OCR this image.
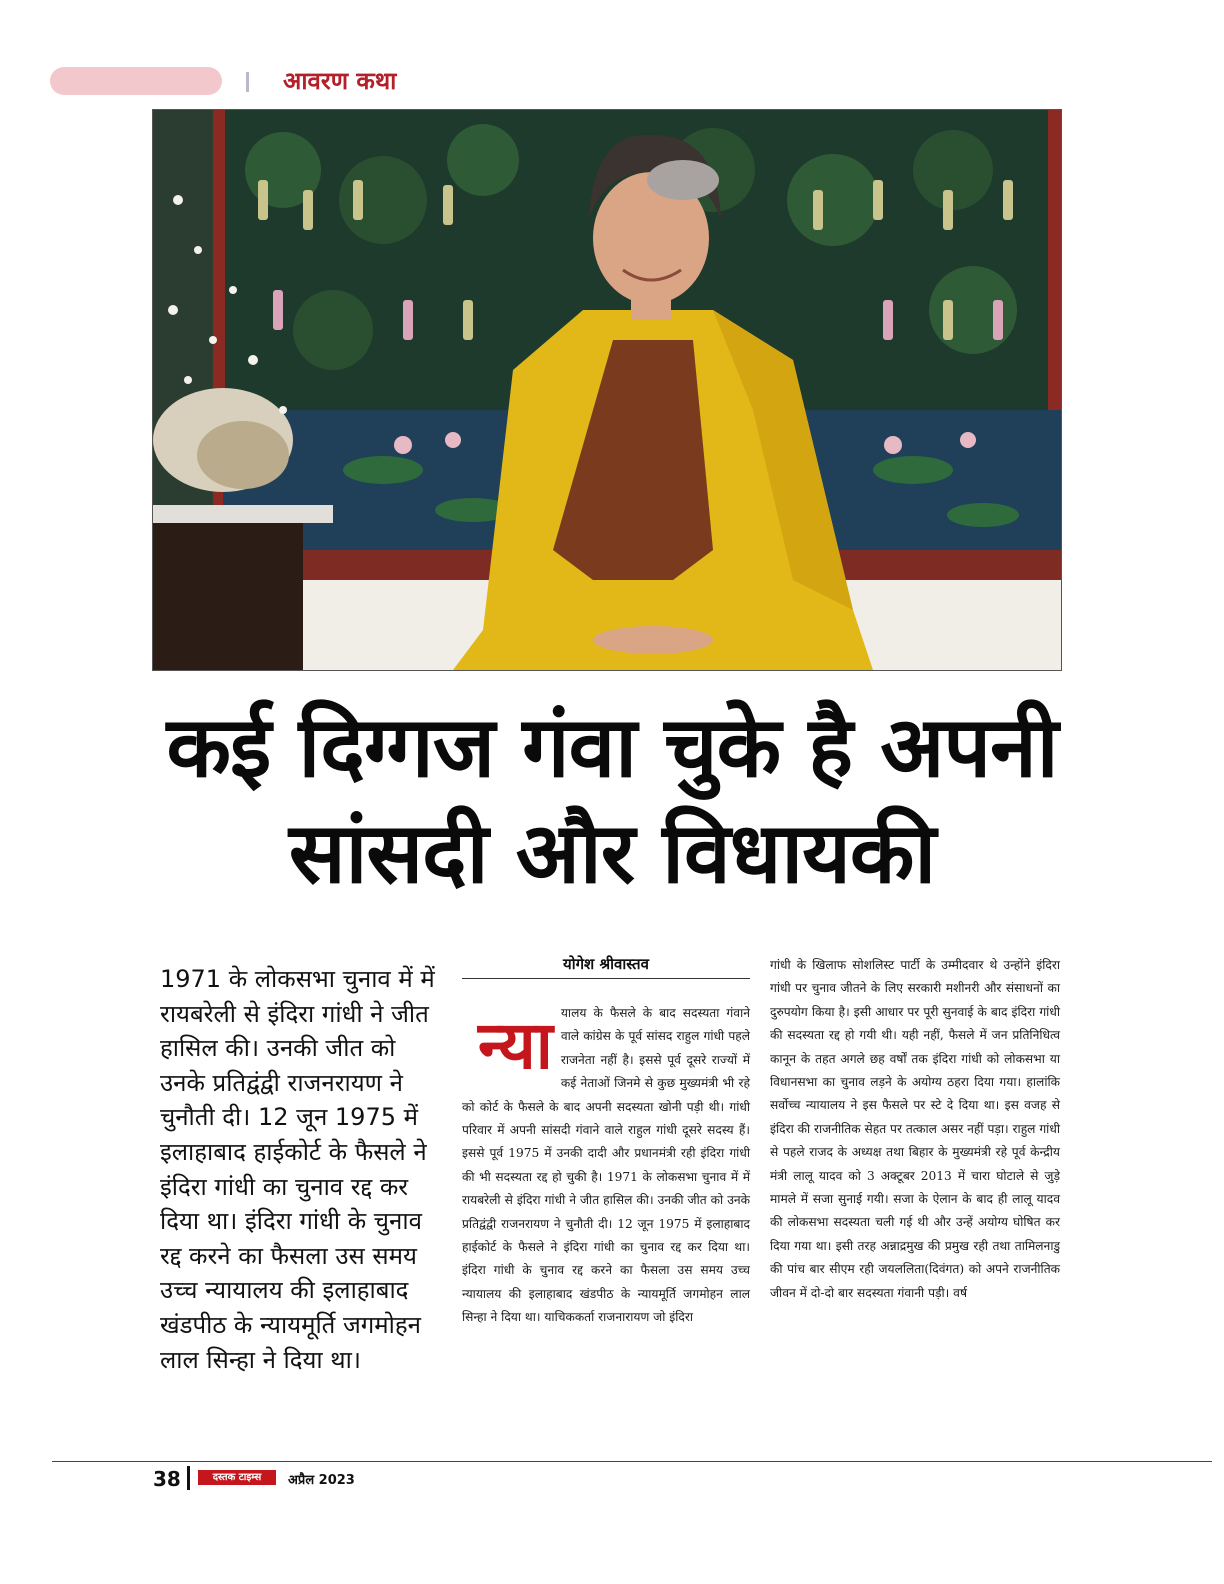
आवरण कथा
कई दिग्गज गंवा चुके है अपनी
सांसदी और विधायकी
1971 के लोकसभा चुनाव में में रायबरेली से इंदिरा गांधी ने जीत हासिल की। उनकी जीत को उनके प्रतिद्वंद्वी राजनरायण ने चुनौती दी। 12 जून 1975 में इलाहाबाद हाईकोर्ट के फैसले ने इंदिरा गांधी का चुनाव रद्द कर दिया था। इंदिरा गांधी के चुनाव रद्द करने का फैसला उस समय उच्च न्यायालय की इलाहाबाद खंडपीठ के न्यायमूर्ति जगमोहन लाल सिन्हा ने दिया था।
योगेश श्रीवास्तव
न्या यालय के फैसले के बाद सदस्यता गंवाने वाले कांग्रेस के पूर्व सांसद राहुल गांधी पहले राजनेता नहीं है। इससे पूर्व दूसरे राज्यों में कई नेताओं जिनमे से कुछ मुख्यमंत्री भी रहे को कोर्ट के फैसले के बाद अपनी सदस्यता खोनी पड़ी थी। गांधी परिवार में अपनी सांसदी गंवाने वाले राहुल गांधी दूसरे सदस्य हैं। इससे पूर्व 1975 में उनकी दादी और प्रधानमंत्री रही इंदिरा गांधी की भी सदस्यता रद्द हो चुकी है। 1971 के लोकसभा चुनाव में में रायबरेली से इंदिरा गांधी ने जीत हासिल की। उनकी जीत को उनके प्रतिद्वंद्वी राजनरायण ने चुनौती दी। 12 जून 1975 में इलाहाबाद हाईकोर्ट के फैसले ने इंदिरा गांधी का चुनाव रद्द कर दिया था। इंदिरा गांधी के चुनाव रद्द करने का फैसला उस समय उच्च न्यायालय की इलाहाबाद खंडपीठ के न्यायमूर्ति जगमोहन लाल सिन्हा ने दिया था। याचिककर्ता राजनारायण जो इंदिरा
गांधी के खिलाफ सोशलिस्ट पार्टी के उम्मीदवार थे उन्होंने इंदिरा गांधी पर चुनाव जीतने के लिए सरकारी मशीनरी और संसाधनों का दुरुपयोग किया है। इसी आधार पर पूरी सुनवाई के बाद इंदिरा गांधी की सदस्यता रद्द हो गयी थी। यही नहीं, फैसले में जन प्रतिनिधित्व कानून के तहत अगले छह वर्षों तक इंदिरा गांधी को लोकसभा या विधानसभा का चुनाव लड़ने के अयोग्य ठहरा दिया गया। हालांकि सर्वोच्च न्यायालय ने इस फैसले पर स्टे दे दिया था। इस वजह से इंदिरा की राजनीतिक सेहत पर तत्काल असर नहीं पड़ा। राहुल गांधी से पहले राजद के अध्यक्ष तथा बिहार के मुख्यमंत्री रहे पूर्व केन्द्रीय मंत्री लालू यादव को 3 अक्टूबर 2013 में चारा घोटाले से जुड़े मामले में सजा सुनाई गयी। सजा के ऐलान के बाद ही लालू यादव की लोकसभा सदस्यता चली गई थी और उन्हें अयोग्य घोषित कर दिया गया था। इसी तरह अन्नाद्रमुख की प्रमुख रही तथा तामिलनाडु की पांच बार सीएम रही जयललिता(दिवंगत) को अपने राजनीतिक जीवन में दो-दो बार सदस्यता गंवानी पड़ी। वर्ष
38	दस्तक टाइम्स	अप्रैल 2023
